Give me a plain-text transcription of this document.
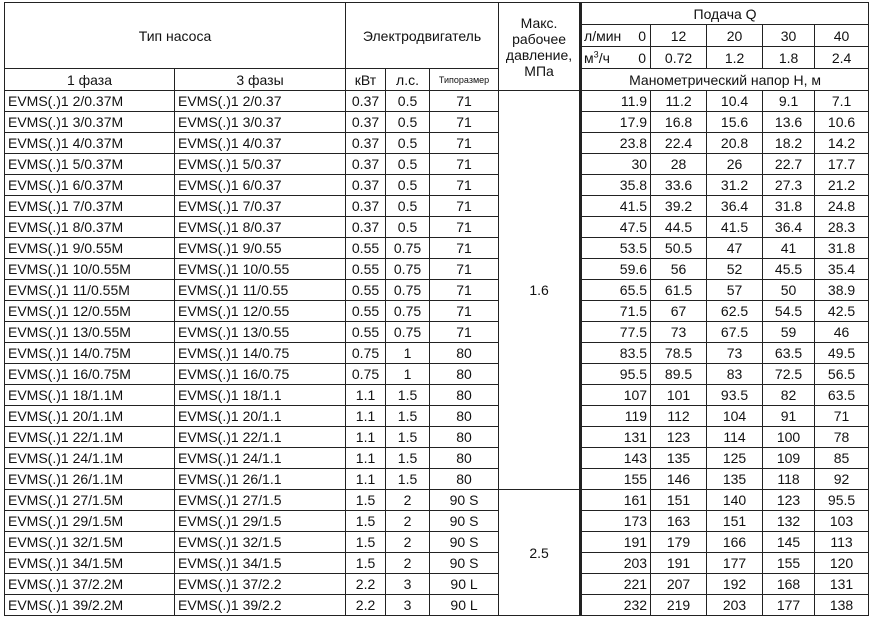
Тип насоса		Электродвигатель			Макс.
рабочее
давление,
МПа	Подача Q				
						л/мин 0	12	20	30	40
						$м^3/ч$ 0	0.72	1.2	1.8	2.4
1 фаза	3 фазы	кВт	л.с.	Типоразмер		Манометрический напор H, м				
EVMS(.)1 2/0.37M	EVMS(.)1 2/0.37	0.37	0.5	71	1.6	11.9	11.2	10.4	9.1	7.1
EVMS(.)1 3/0.37M	EVMS(.)1 3/0.37	0.37	0.5	71		17.9	16.8	15.6	13.6	10.6
EVMS(.)1 4/0.37M	EVMS(.)1 4/0.37	0.37	0.5	71		23.8	22.4	20.8	18.2	14.2
EVMS(.)1 5/0.37M	EVMS(.)1 5/0.37	0.37	0.5	71		30	28	26	22.7	17.7
EVMS(.)1 6/0.37M	EVMS(.)1 6/0.37	0.37	0.5	71		35.8	33.6	31.2	27.3	21.2
EVMS(.)1 7/0.37M	EVMS(.)1 7/0.37	0.37	0.5	71		41.5	39.2	36.4	31.8	24.8
EVMS(.)1 8/0.37M	EVMS(.)1 8/0.37	0.37	0.5	71		47.5	44.5	41.5	36.4	28.3
EVMS(.)1 9/0.55M	EVMS(.)1 9/0.55	0.55	0.75	71		53.5	50.5	47	41	31.8
EVMS(.)1 10/0.55M	EVMS(.)1 10/0.55	0.55	0.75	71		59.6	56	52	45.5	35.4
EVMS(.)1 11/0.55M	EVMS(.)1 11/0.55	0.55	0.75	71		65.5	61.5	57	50	38.9
EVMS(.)1 12/0.55M	EVMS(.)1 12/0.55	0.55	0.75	71		71.5	67	62.5	54.5	42.5
EVMS(.)1 13/0.55M	EVMS(.)1 13/0.55	0.55	0.75	71		77.5	73	67.5	59	46
EVMS(.)1 14/0.75M	EVMS(.)1 14/0.75	0.75	1	80		83.5	78.5	73	63.5	49.5
EVMS(.)1 16/0.75M	EVMS(.)1 16/0.75	0.75	1	80		95.5	89.5	83	72.5	56.5
EVMS(.)1 18/1.1M	EVMS(.)1 18/1.1	1.1	1.5	80		107	101	93.5	82	63.5
EVMS(.)1 20/1.1M	EVMS(.)1 20/1.1	1.1	1.5	80		119	112	104	91	71
EVMS(.)1 22/1.1M	EVMS(.)1 22/1.1	1.1	1.5	80		131	123	114	100	78
EVMS(.)1 24/1.1M	EVMS(.)1 24/1.1	1.1	1.5	80		143	135	125	109	85
EVMS(.)1 26/1.1M	EVMS(.)1 26/1.1	1.1	1.5	80		155	146	135	118	92
EVMS(.)1 27/1.5M	EVMS(.)1 27/1.5	1.5	2	90 S	2.5	161	151	140	123	95.5
EVMS(.)1 29/1.5M	EVMS(.)1 29/1.5	1.5	2	90 S		173	163	151	132	103
EVMS(.)1 32/1.5M	EVMS(.)1 32/1.5	1.5	2	90 S		191	179	166	145	113
EVMS(.)1 34/1.5M	EVMS(.)1 34/1.5	1.5	2	90 S		203	191	177	155	120
EVMS(.)1 37/2.2M	EVMS(.)1 37/2.2	2.2	3	90 L		221	207	192	168	131
EVMS(.)1 39/2.2M	EVMS(.)1 39/2.2	2.2	3	90 L		232	219	203	177	138
